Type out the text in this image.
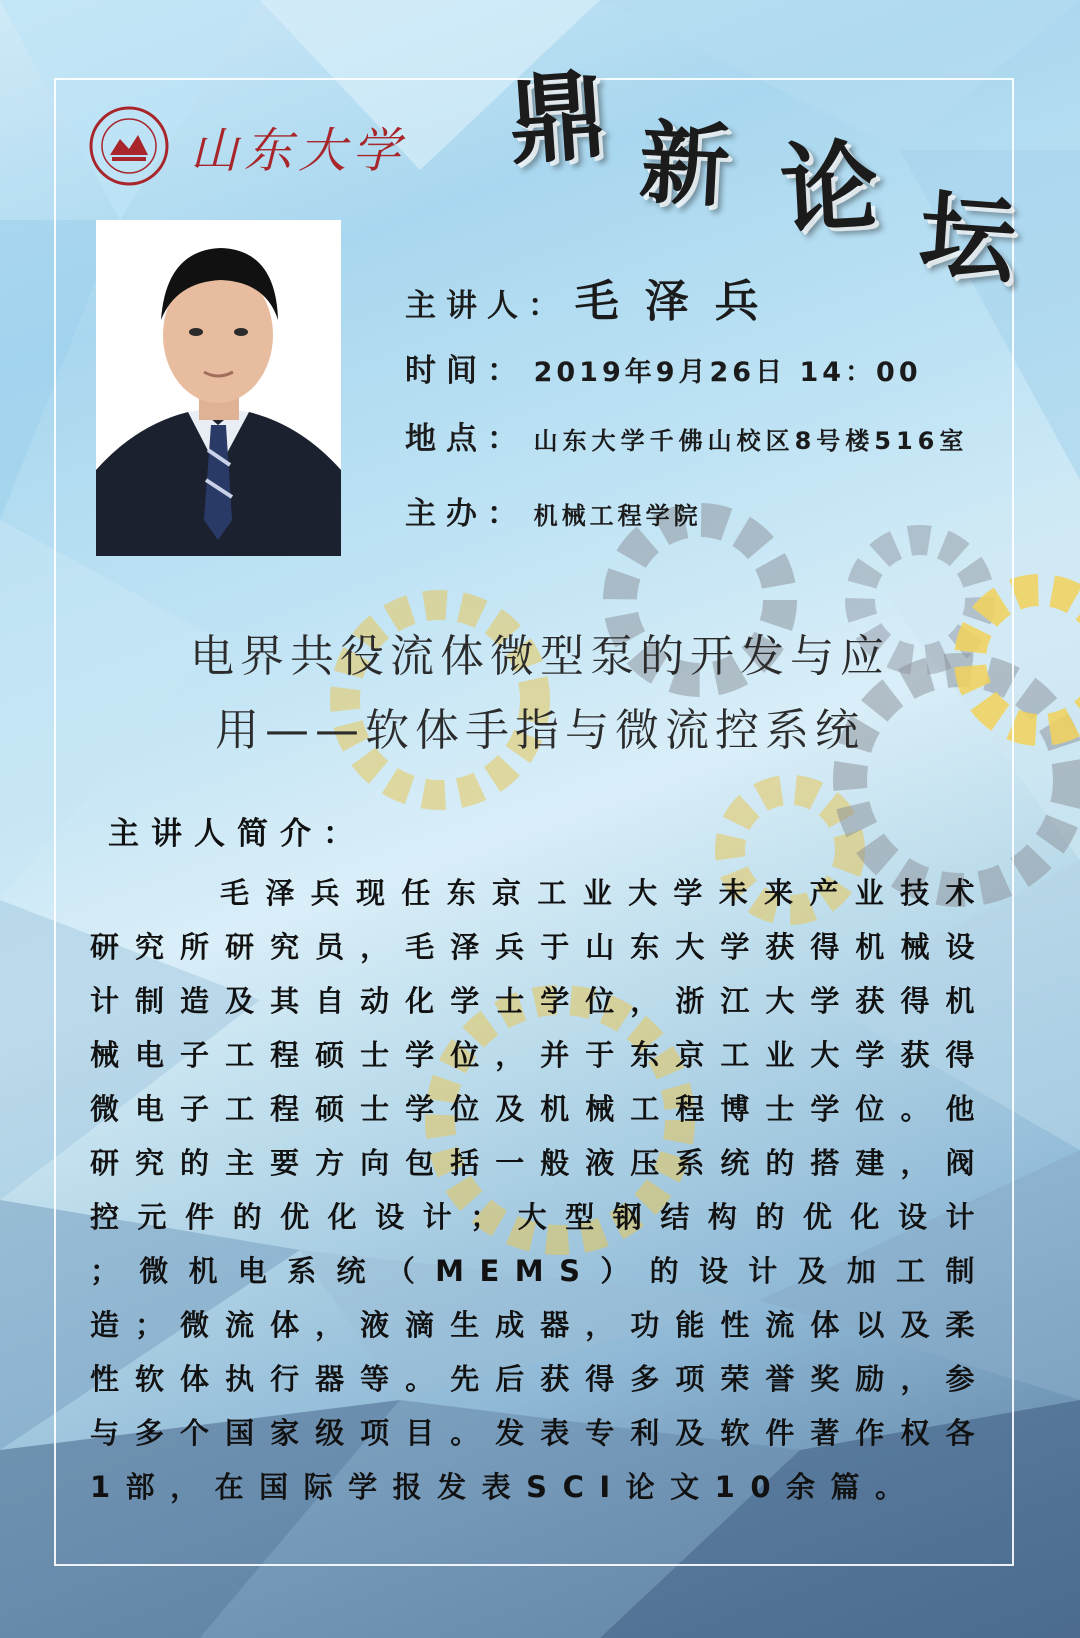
山东大学 鼎 新 论 坛
主讲人： 毛泽兵
时间： 2019年9月26日 14：00
地点： 山东大学千佛山校区8号楼516室
主办： 机械工程学院
电界共役流体微型泵的开发与应
用——软体手指与微流控系统
主讲人简介：
毛泽兵现任东京工业大学未来产业技术研究所研究员，毛泽兵于山东大学获得机械设计制造及其自动化学士学位，浙江大学获得机械电子工程硕士学位，并于东京工业大学获得微电子工程硕士学位及机械工程博士学位。他研究的主要方向包括一般液压系统的搭建，阀控元件的优化设计；大型钢结构的优化设计 ；微机电系统（MEMS）的设计及加工制造；微流体，液滴生成器，功能性流体以及柔性软体执行器等。先后获得多项荣誉奖励，参与多个国家级项目。发表专利及软件著作权各1部，在国际学报发表SCI论文10余篇。
